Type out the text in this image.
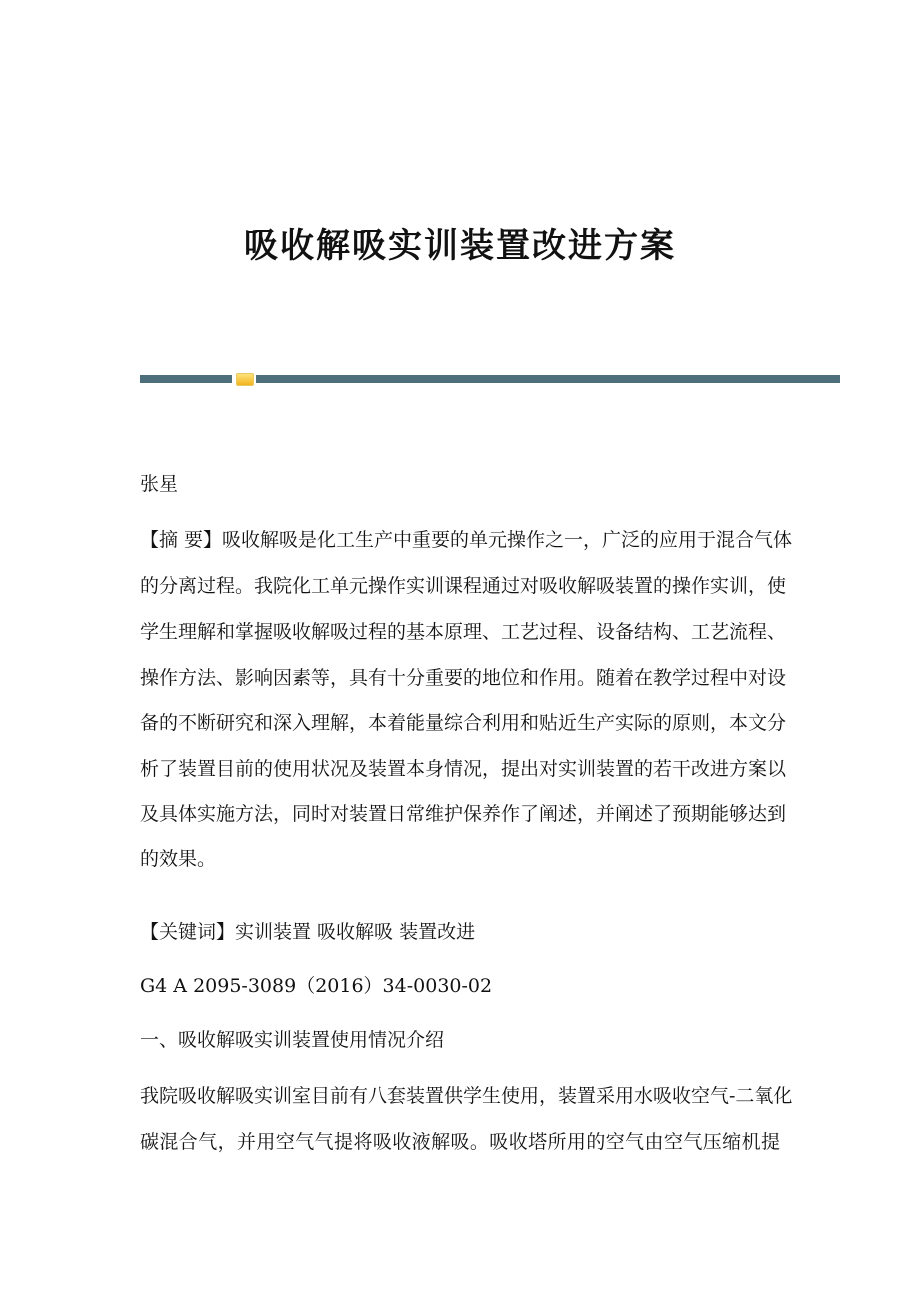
吸收解吸实训装置改进方案
张星
【摘 要】吸收解吸是化工生产中重要的单元操作之一，广泛的应用于混合气体
的分离过程。我院化工单元操作实训课程通过对吸收解吸装置的操作实训，使
学生理解和掌握吸收解吸过程的基本原理、工艺过程、设备结构、工艺流程、
操作方法、影响因素等，具有十分重要的地位和作用。随着在教学过程中对设
备的不断研究和深入理解，本着能量综合利用和贴近生产实际的原则，本文分
析了装置目前的使用状况及装置本身情况，提出对实训装置的若干改进方案以
及具体实施方法，同时对装置日常维护保养作了阐述，并阐述了预期能够达到
的效果。
【关键词】实训装置 吸收解吸 装置改进
G4 A 2095-3089（2016）34-0030-02
一、吸收解吸实训装置使用情况介绍
我院吸收解吸实训室目前有八套装置供学生使用，装置采用水吸收空气-二氧化
碳混合气，并用空气气提将吸收液解吸。吸收塔所用的空气由空气压缩机提
